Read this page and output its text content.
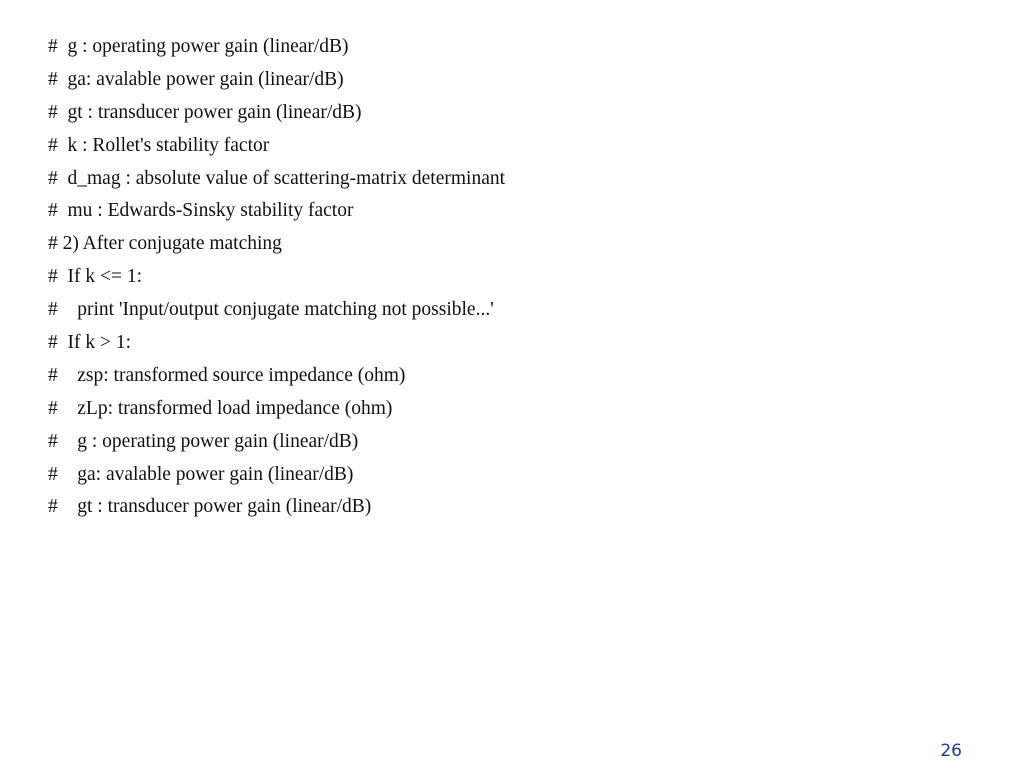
#  g : operating power gain (linear/dB)
#  ga: avalable power gain (linear/dB)
#  gt : transducer power gain (linear/dB)
#  k : Rollet's stability factor
#  d_mag : absolute value of scattering-matrix determinant
#  mu : Edwards-Sinsky stability factor
# 2) After conjugate matching
#  If k <= 1:
#    print 'Input/output conjugate matching not possible...'
#  If k > 1:
#    zsp: transformed source impedance (ohm)
#    zLp: transformed load impedance (ohm)
#    g : operating power gain (linear/dB)
#    ga: avalable power gain (linear/dB)
#    gt : transducer power gain (linear/dB)
26
